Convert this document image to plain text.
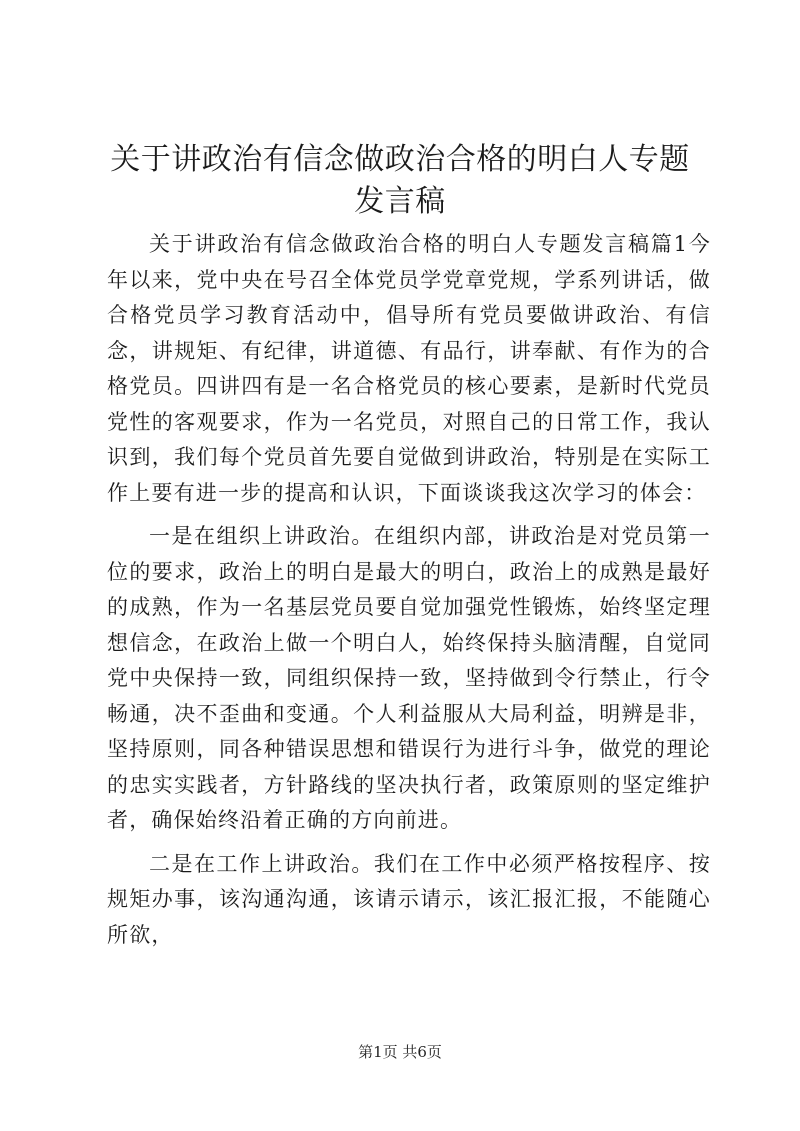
关于讲政治有信念做政治合格的明白人专题发言稿

关于讲政治有信念做政治合格的明白人专题发言稿篇1今年以来，党中央在号召全体党员学党章党规，学系列讲话，做合格党员学习教育活动中，倡导所有党员要做讲政治、有信念，讲规矩、有纪律，讲道德、有品行，讲奉献、有作为的合格党员。四讲四有是一名合格党员的核心要素，是新时代党员党性的客观要求，作为一名党员，对照自己的日常工作，我认识到，我们每个党员首先要自觉做到讲政治，特别是在实际工作上要有进一步的提高和认识，下面谈谈我这次学习的体会：

一是在组织上讲政治。在组织内部，讲政治是对党员第一位的要求，政治上的明白是最大的明白，政治上的成熟是最好的成熟，作为一名基层党员要自觉加强党性锻炼，始终坚定理想信念，在政治上做一个明白人，始终保持头脑清醒，自觉同党中央保持一致，同组织保持一致，坚持做到令行禁止，行令畅通，决不歪曲和变通。个人利益服从大局利益，明辨是非，坚持原则，同各种错误思想和错误行为进行斗争，做党的理论的忠实实践者，方针路线的坚决执行者，政策原则的坚定维护者，确保始终沿着正确的方向前进。

二是在工作上讲政治。我们在工作中必须严格按程序、按规矩办事，该沟通沟通，该请示请示，该汇报汇报，不能随心所欲，

第1页 共6页
